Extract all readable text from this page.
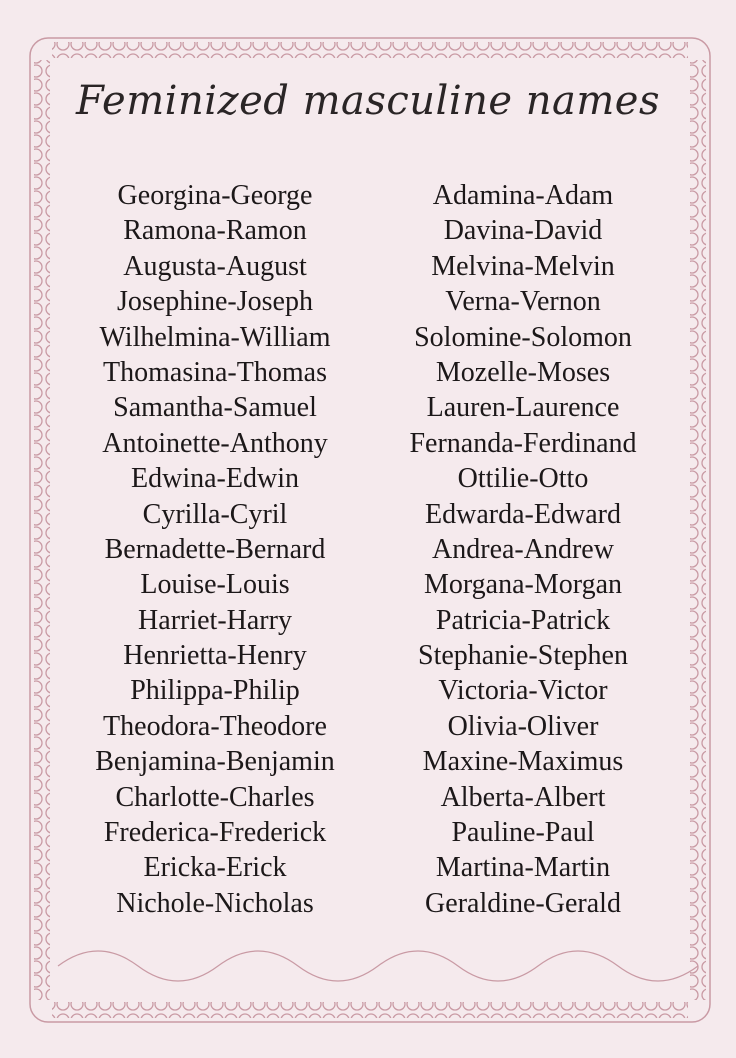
Feminized masculine names
Georgina-George
Ramona-Ramon
Augusta-August
Josephine-Joseph
Wilhelmina-William
Thomasina-Thomas
Samantha-Samuel
Antoinette-Anthony
Edwina-Edwin
Cyrilla-Cyril
Bernadette-Bernard
Louise-Louis
Harriet-Harry
Henrietta-Henry
Philippa-Philip
Theodora-Theodore
Benjamina-Benjamin
Charlotte-Charles
Frederica-Frederick
Ericka-Erick
Nichole-Nicholas
Adamina-Adam
Davina-David
Melvina-Melvin
Verna-Vernon
Solomine-Solomon
Mozelle-Moses
Lauren-Laurence
Fernanda-Ferdinand
Ottilie-Otto
Edwarda-Edward
Andrea-Andrew
Morgana-Morgan
Patricia-Patrick
Stephanie-Stephen
Victoria-Victor
Olivia-Oliver
Maxine-Maximus
Alberta-Albert
Pauline-Paul
Martina-Martin
Geraldine-Gerald
